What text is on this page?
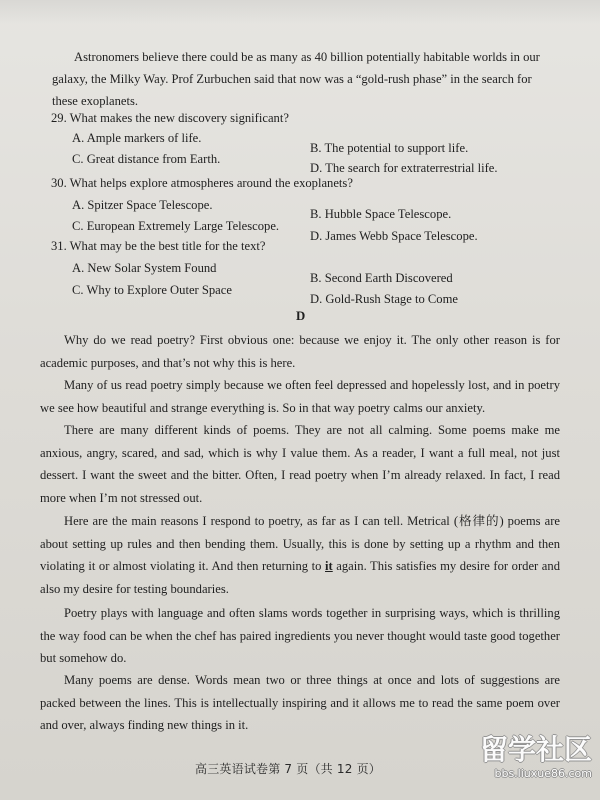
Astronomers believe there could be as many as 40 billion potentially habitable worlds in our
galaxy, the Milky Way. Prof Zurbuchen said that now was a “gold-rush phase” in the search for
these exoplanets.
29. What makes the new discovery significant?
A. Ample markers of life.
B. The potential to support life.
C. Great distance from Earth.
D. The search for extraterrestrial life.
30. What helps explore atmospheres around the exoplanets?
A. Spitzer Space Telescope.
B. Hubble Space Telescope.
C. European Extremely Large Telescope.
D. James Webb Space Telescope.
31. What may be the best title for the text?
A. New Solar System Found
B. Second Earth Discovered
C. Why to Explore Outer Space
D. Gold-Rush Stage to Come
D
Why do we read poetry? First obvious one: because we enjoy it. The only other reason is for academic purposes, and that’s not why this is here.
Many of us read poetry simply because we often feel depressed and hopelessly lost, and in poetry we see how beautiful and strange everything is. So in that way poetry calms our anxiety.
There are many different kinds of poems. They are not all calming. Some poems make me anxious, angry, scared, and sad, which is why I value them. As a reader, I want a full meal, not just dessert. I want the sweet and the bitter. Often, I read poetry when I’m already relaxed. In fact, I read more when I’m not stressed out.
Here are the main reasons I respond to poetry, as far as I can tell. Metrical (格律的) poems are about setting up rules and then bending them. Usually, this is done by setting up a rhythm and then violating it or almost violating it. And then returning to it again. This satisfies my desire for order and also my desire for testing boundaries.
Poetry plays with language and often slams words together in surprising ways, which is thrilling the way food can be when the chef has paired ingredients you never thought would taste good together but somehow do.
Many poems are dense. Words mean two or three things at once and lots of suggestions are packed between the lines. This is intellectually inspiring and it allows me to read the same poem over and over, always finding new things in it.
高三英语试卷第 7 页（共 12 页）
留学社区
bbs.liuxue86.com
